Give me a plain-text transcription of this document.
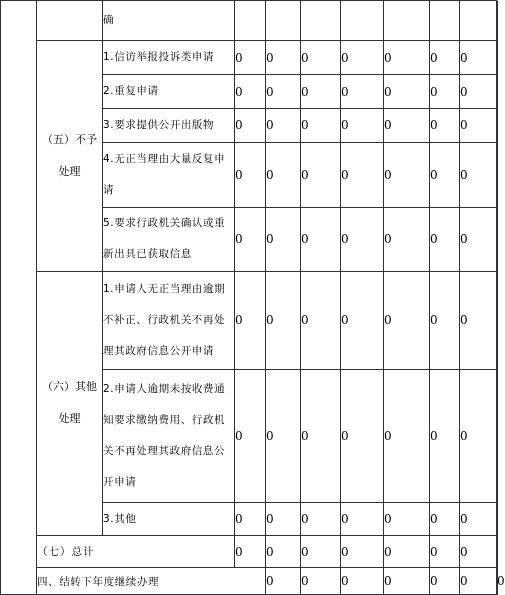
		确								

	（五）不予
处理	1.信访举报投诉类申请	0	0	0	0	0	0	0	
		2.重复申请	0	0	0	0	0	0	0	
		3.要求提供公开出版物	0	0	0	0	0	0	0	
		4.无正当理由大量反复申请	0	0	0	0	0	0	0	
		5.要求行政机关确认或重新出具已获取信息	0	0	0	0	0	0	0	

	（六）其他
处理	1.申请人无正当理由逾期不补正、行政机关不再处理其政府信息公开申请	0	0	0	0	0	0	0	
		2.申请人逾期未按收费通知要求缴纳费用、行政机关不再处理其政府信息公开申请	0	0	0	0	0	0	0	
		3.其他	0	0	0	0	0	0	0	
	（七）总计		0	0	0	0	0	0	0	
	四、结转下年度继续办理			0	0	0	0	0	0	0
